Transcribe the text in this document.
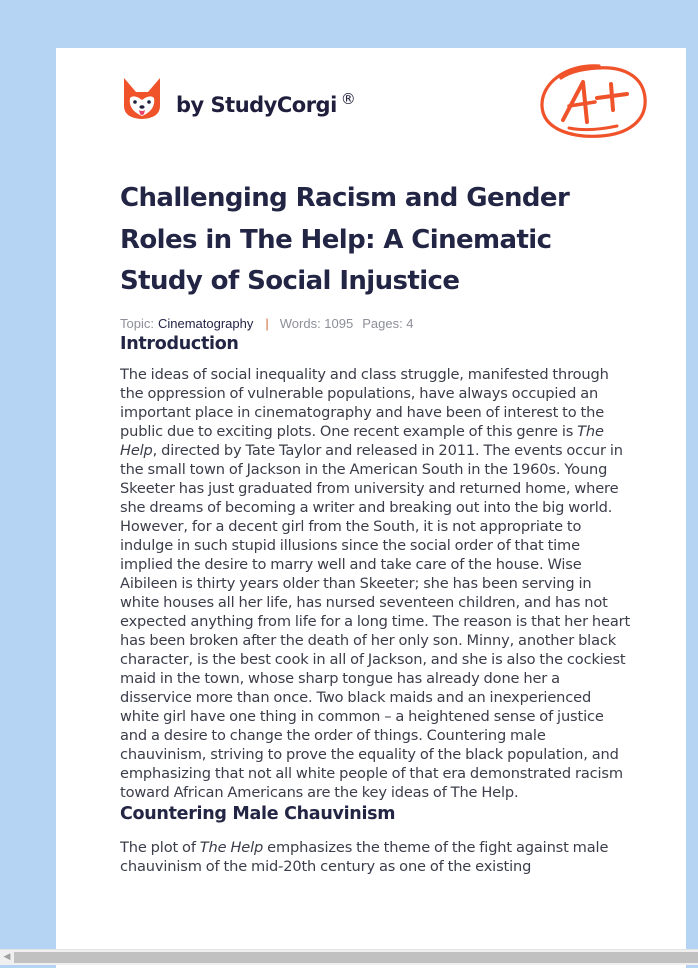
by StudyCorgi ®
Challenging Racism and Gender Roles in The Help: A Cinematic Study of Social Injustice
Topic: Cinematography | Words: 1095 Pages: 4
Introduction

The ideas of social inequality and class struggle, manifested through the oppression of vulnerable populations, have always occupied an important place in cinematography and have been of interest to the public due to exciting plots. One recent example of this genre is The Help, directed by Tate Taylor and released in 2011. The events occur in the small town of Jackson in the American South in the 1960s. Young Skeeter has just graduated from university and returned home, where she dreams of becoming a writer and breaking out into the big world. However, for a decent girl from the South, it is not appropriate to indulge in such stupid illusions since the social order of that time implied the desire to marry well and take care of the house. Wise Aibileen is thirty years older than Skeeter; she has been serving in white houses all her life, has nursed seventeen children, and has not expected anything from life for a long time. The reason is that her heart has been broken after the death of her only son. Minny, another black character, is the best cook in all of Jackson, and she is also the cockiest maid in the town, whose sharp tongue has already done her a disservice more than once. Two black maids and an inexperienced white girl have one thing in common – a heightened sense of justice and a desire to change the order of things. Countering male chauvinism, striving to prove the equality of the black population, and emphasizing that not all white people of that era demonstrated racism toward African Americans are the key ideas of The Help.

Countering Male Chauvinism

The plot of The Help emphasizes the theme of the fight against male chauvinism of the mid-20th century as one of the existing

◀
